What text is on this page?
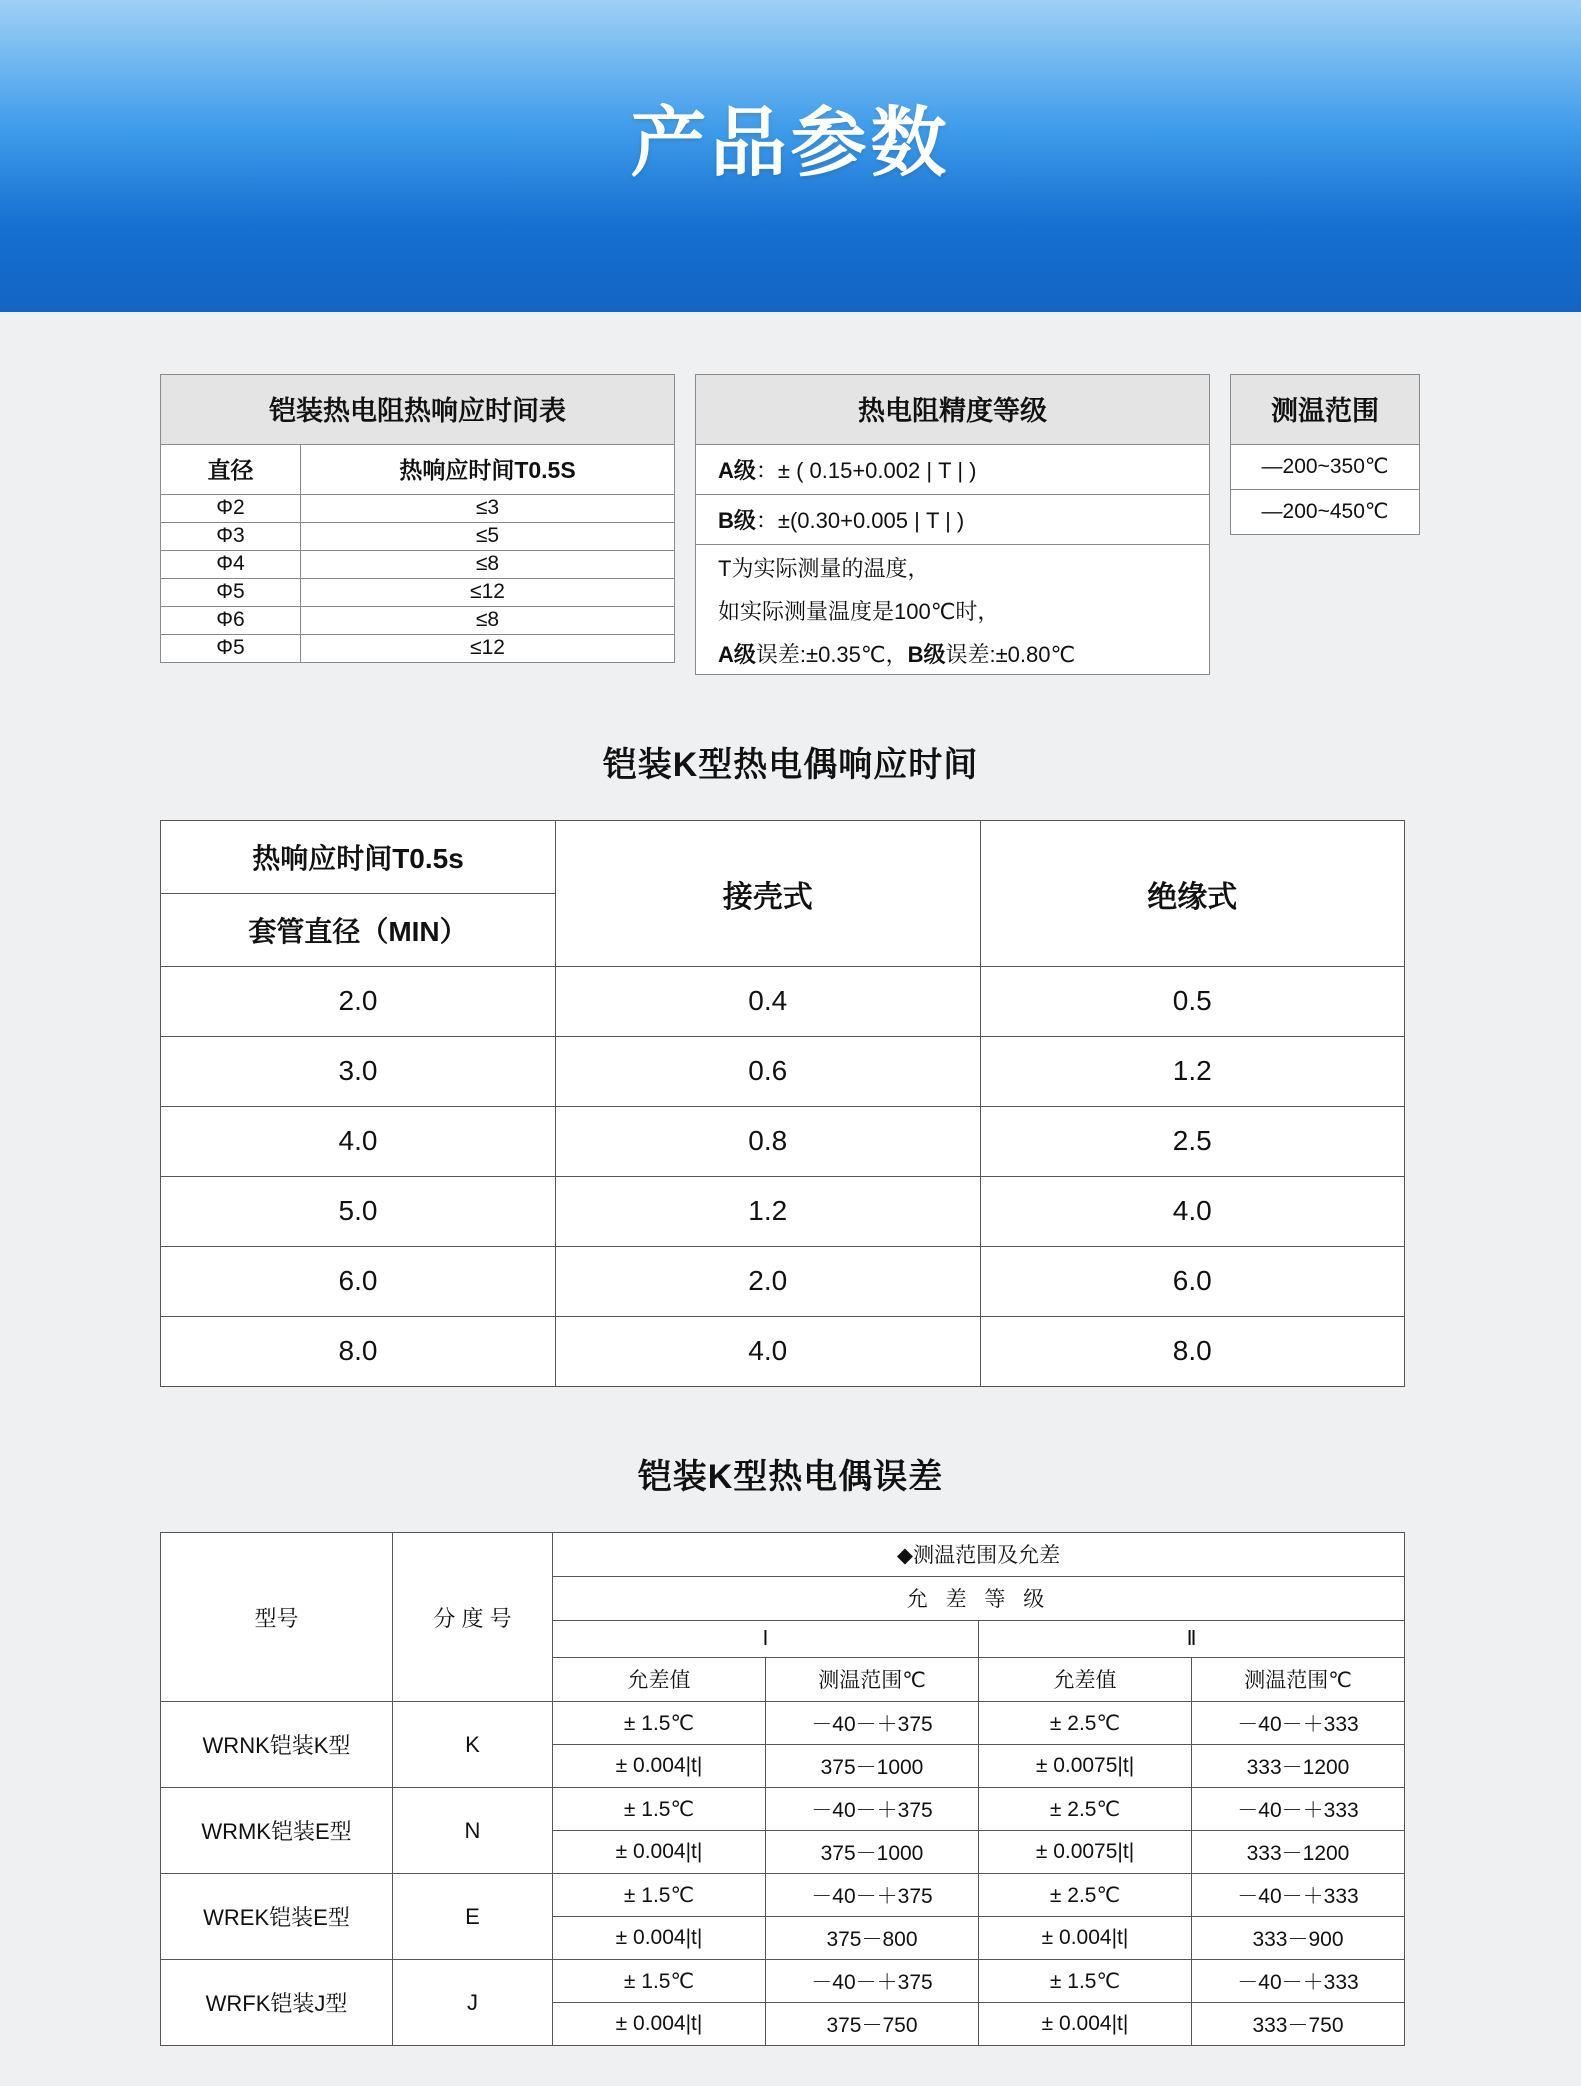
产品参数
铠装热电阻热响应时间表	
直径	热响应时间T0.5S
Φ2	≤3
Φ3	≤5
Φ4	≤8
Φ5	≤12
Φ6	≤8
Φ5	≤12
热电阻精度等级
A级：± ( 0.15+0.002 | T | )
B级：±(0.30+0.005 | T | )
T为实际测量的温度，
如实际测量温度是100℃时，
A级误差:±0.35℃，B级误差:±0.80℃
测温范围
—200~350℃
—200~450℃
铠装K型热电偶响应时间
热响应时间T0.5s
套管直径（MIN）	接壳式	绝缘式
2.0	0.4	0.5
3.0	0.6	1.2
4.0	0.8	2.5
5.0	1.2	4.0
6.0	2.0	6.0
8.0	4.0	8.0
铠装K型热电偶误差
型号	分 度 号	◆测温范围及允差			
		允 差 等 级			
		Ⅰ		Ⅱ	
		允差值	测温范围℃	允差值	测温范围℃
WRNK铠装K型	K	± 1.5℃	－40－＋375	± 2.5℃	－40－＋333
		± 0.004|t|	375－1000	± 0.0075|t|	333－1200
WRMK铠装E型	N	± 1.5℃	－40－＋375	± 2.5℃	－40－＋333
		± 0.004|t|	375－1000	± 0.0075|t|	333－1200
WREK铠装E型	E	± 1.5℃	－40－＋375	± 2.5℃	－40－＋333
		± 0.004|t|	375－800	± 0.004|t|	333－900
WRFK铠装J型	J	± 1.5℃	－40－＋375	± 1.5℃	－40－＋333
		± 0.004|t|	375－750	± 0.004|t|	333－750
